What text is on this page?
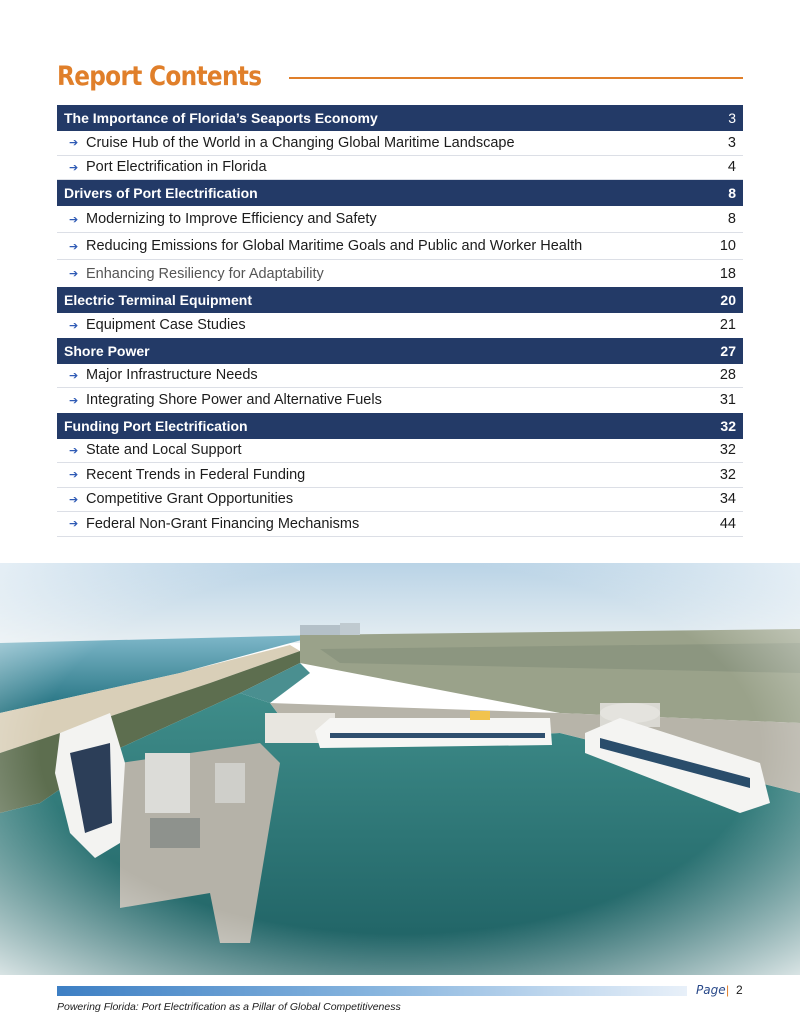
Report Contents
The Importance of Florida’s Seaports Economy	3
➔ Cruise Hub of the World in a Changing Global Maritime Landscape	3
➔ Port Electrification in Florida	4
Drivers of Port Electrification	8
➔ Modernizing to Improve Efficiency and Safety	8
➔ Reducing Emissions for Global Maritime Goals and Public and Worker Health	10
➔ Enhancing Resiliency for Adaptability	18
Electric Terminal Equipment	20
➔ Equipment Case Studies	21
Shore Power	27
➔ Major Infrastructure Needs	28
➔ Integrating Shore Power and Alternative Fuels	31
Funding Port Electrification	32
➔ State and Local Support	32
➔ Recent Trends in Federal Funding	32
➔ Competitive Grant Opportunities	34
➔ Federal Non-Grant Financing Mechanisms	44
Page | 2
Powering Florida: Port Electrification as a Pillar of Global Competitiveness
